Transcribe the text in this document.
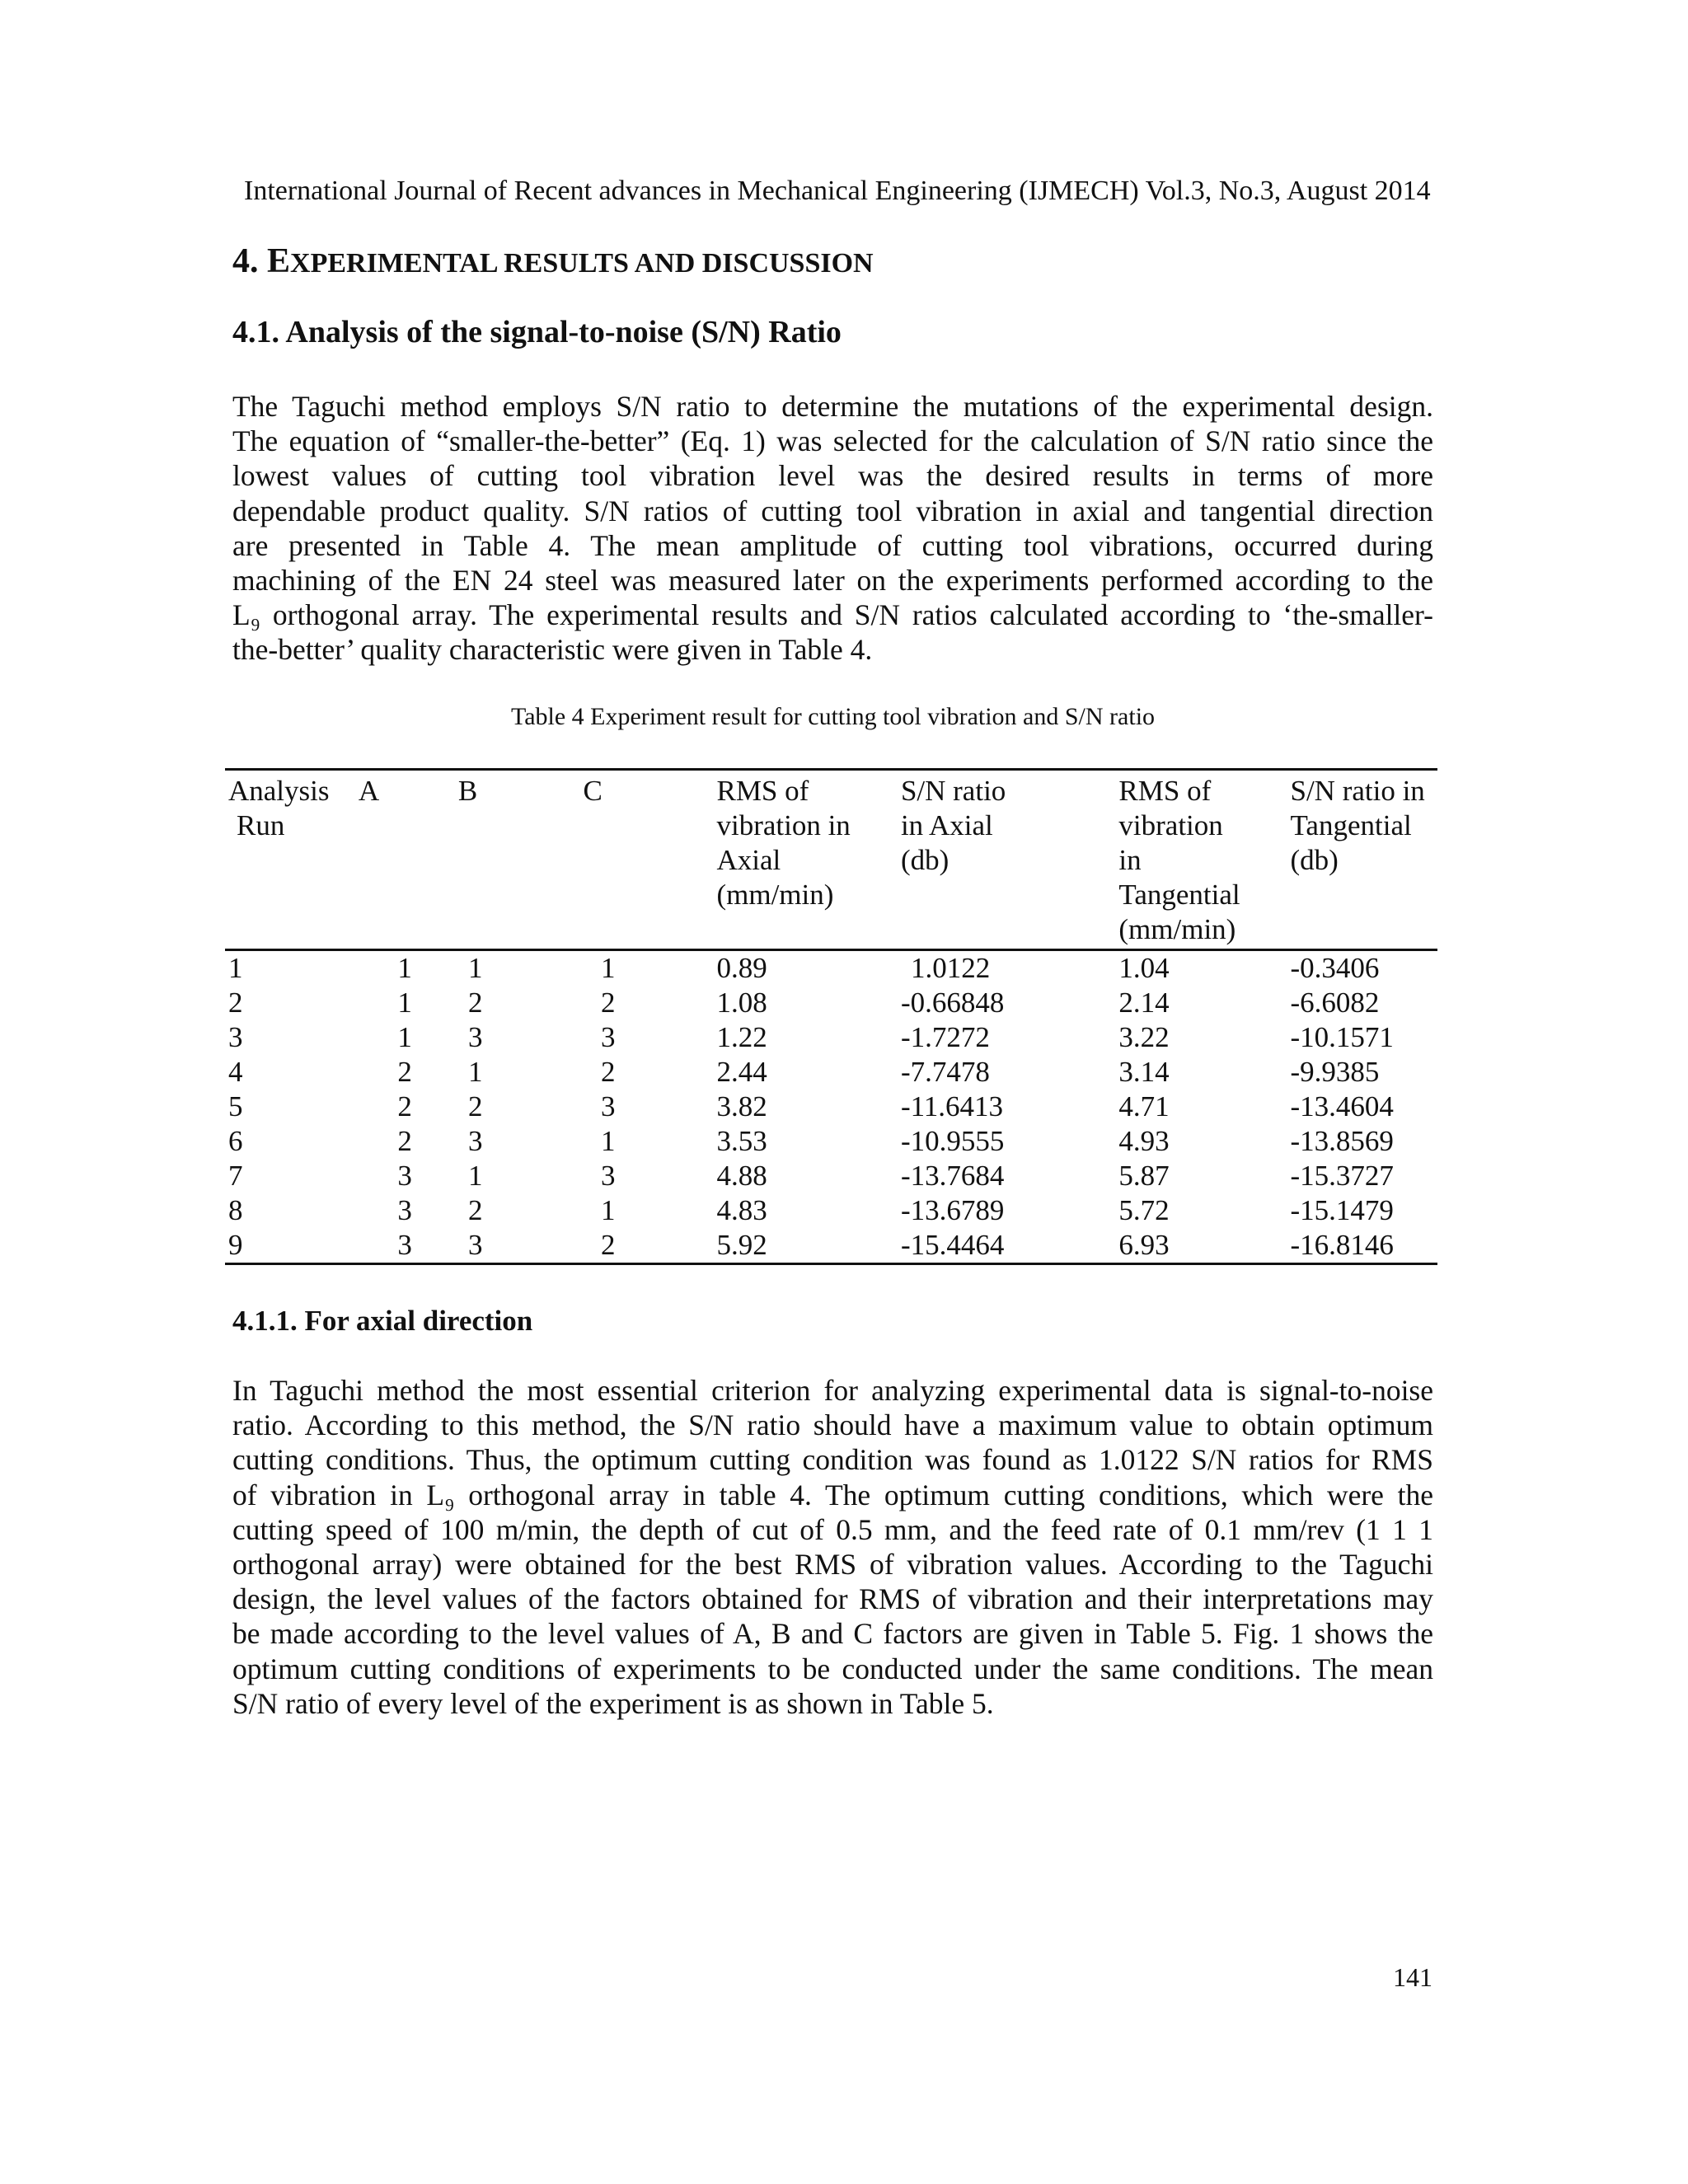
International Journal of Recent advances in Mechanical Engineering (IJMECH) Vol.3, No.3, August 2014
4. EXPERIMENTAL RESULTS AND DISCUSSION
4.1. Analysis of the signal-to-noise (S/N) Ratio
The Taguchi method employs S/N ratio to determine the mutations of the experimental design.
The equation of “smaller-the-better” (Eq. 1) was selected for the calculation of S/N ratio since the
lowest values of cutting tool vibration level was the desired results in terms of more
dependable product quality. S/N ratios of cutting tool vibration in axial and tangential direction
are presented in Table 4. The mean amplitude of cutting tool vibrations, occurred during
machining of the EN 24 steel was measured later on the experiments performed according to the
L₉ orthogonal array. The experimental results and S/N ratios calculated according to ‘the-smaller-
the-better’ quality characteristic were given in Table 4.
Table 4 Experiment result for cutting tool vibration and S/N ratio
Analysis
Run	A	B	C	RMS of
vibration in
Axial
(mm/min)	S/N ratio
in Axial
(db)	RMS of
vibration
in
Tangential
(mm/min)	S/N ratio in
Tangential
(db)

1	1	1	1	0.89	1.0122	1.04	-0.3406
2	1	2	2	1.08	-0.66848	2.14	-6.6082
3	1	3	3	1.22	-1.7272	3.22	-10.1571
4	2	1	2	2.44	-7.7478	3.14	-9.9385
5	2	2	3	3.82	-11.6413	4.71	-13.4604
6	2	3	1	3.53	-10.9555	4.93	-13.8569
7	3	1	3	4.88	-13.7684	5.87	-15.3727
8	3	2	1	4.83	-13.6789	5.72	-15.1479
9	3	3	2	5.92	-15.4464	6.93	-16.8146
4.1.1. For axial direction
In Taguchi method the most essential criterion for analyzing experimental data is signal-to-noise
ratio. According to this method, the S/N ratio should have a maximum value to obtain optimum
cutting conditions. Thus, the optimum cutting condition was found as 1.0122 S/N ratios for RMS
of vibration in L₉ orthogonal array in table 4. The optimum cutting conditions, which were the
cutting speed of 100 m/min, the depth of cut of 0.5 mm, and the feed rate of 0.1 mm/rev (1 1 1
orthogonal array) were obtained for the best RMS of vibration values. According to the Taguchi
design, the level values of the factors obtained for RMS of vibration and their interpretations may
be made according to the level values of A, B and C factors are given in Table 5. Fig. 1 shows the
optimum cutting conditions of experiments to be conducted under the same conditions. The mean
S/N ratio of every level of the experiment is as shown in Table 5.
141
